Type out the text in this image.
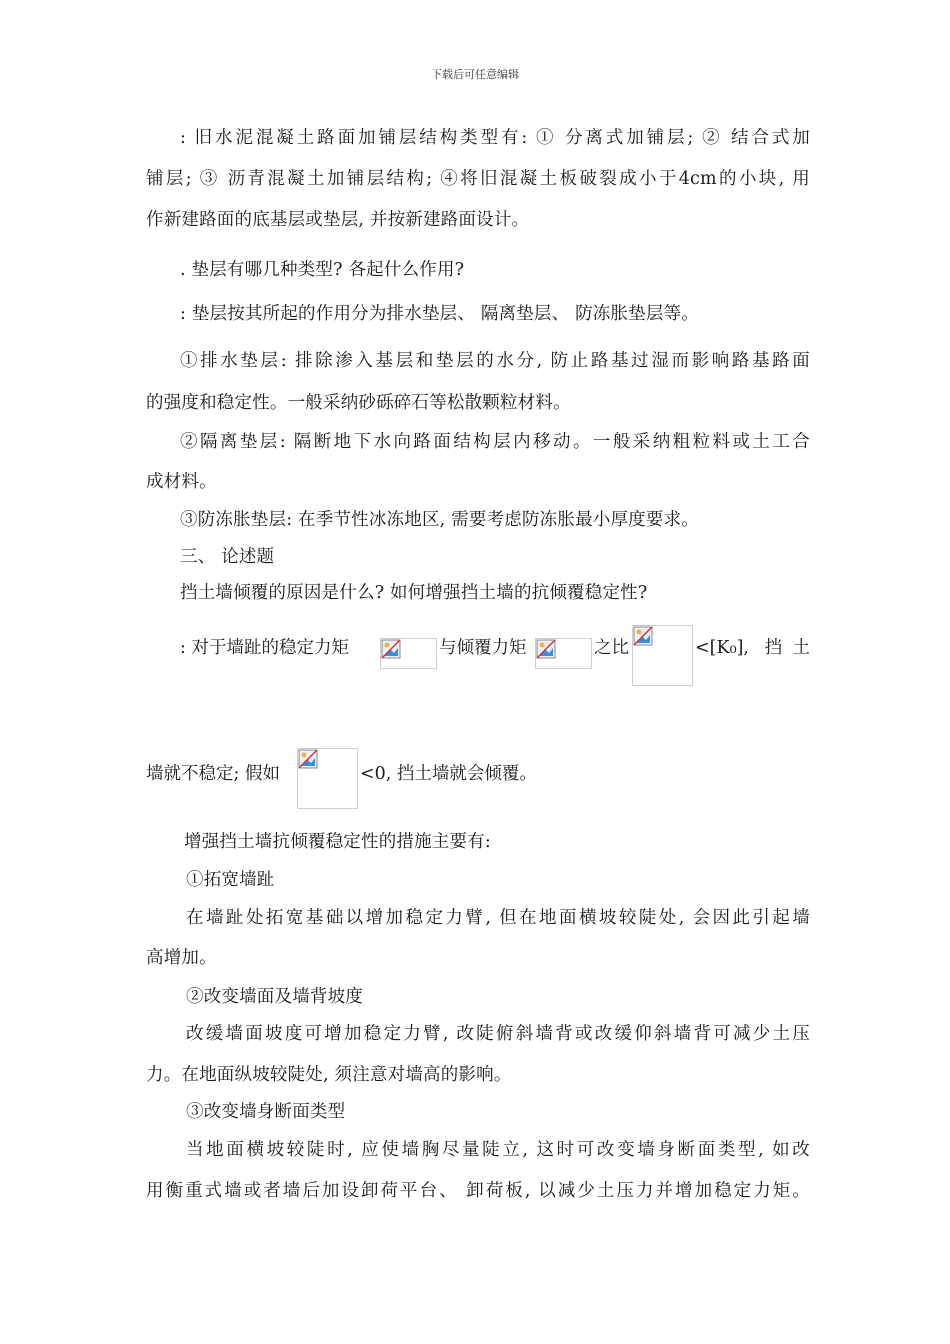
下载后可任意编辑
: 旧水泥混凝土路面加铺层结构类型有: ① 分离式加铺层; ② 结合式加
铺层; ③ 沥青混凝土加铺层结构; ④将旧混凝土板破裂成小于4cm的小块, 用
作新建路面的底基层或垫层, 并按新建路面设计。
. 垫层有哪几种类型? 各起什么作用?
: 垫层按其所起的作用分为排水垫层、 隔离垫层、 防冻胀垫层等。
①排水垫层: 排除渗入基层和垫层的水分, 防止路基过湿而影响路基路面
的强度和稳定性。一般采纳砂砾碎石等松散颗粒材料。
②隔离垫层: 隔断地下水向路面结构层内移动。一般采纳粗粒料或土工合
成材料。
③防冻胀垫层: 在季节性冰冻地区, 需要考虑防冻胀最小厚度要求。
三、 论述题
挡土墙倾覆的原因是什么? 如何增强挡土墙的抗倾覆稳定性?
: 对于墙趾的稳定力矩	与倾覆力矩	之比	<[K₀], 挡土
墙就不稳定; 假如	<0, 挡土墙就会倾覆。
增强挡土墙抗倾覆稳定性的措施主要有:
①拓宽墙趾
在墙趾处拓宽基础以增加稳定力臂, 但在地面横坡较陡处, 会因此引起墙
高增加。
②改变墙面及墙背坡度
改缓墙面坡度可增加稳定力臂, 改陡俯斜墙背或改缓仰斜墙背可减少土压
力。在地面纵坡较陡处, 须注意对墙高的影响。
③改变墙身断面类型
当地面横坡较陡时, 应使墙胸尽量陡立, 这时可改变墙身断面类型, 如改
用衡重式墙或者墙后加设卸荷平台、 卸荷板, 以减少土压力并增加稳定力矩。
